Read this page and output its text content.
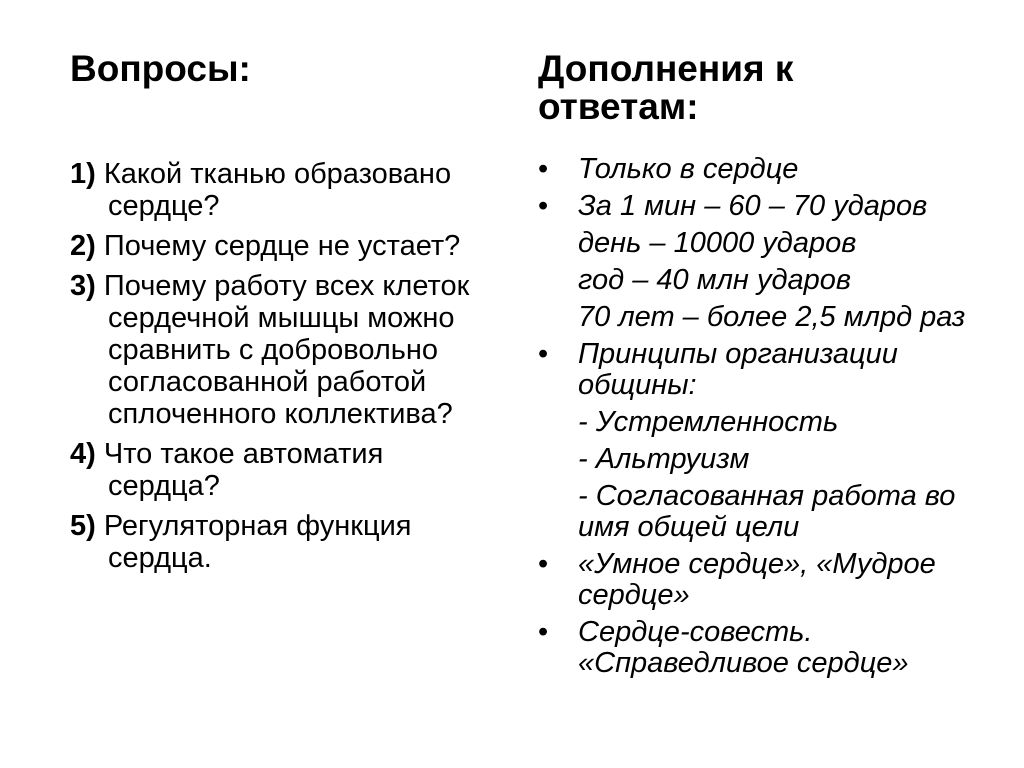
Вопросы:
1) Какой тканью образовано сердце?
2) Почему сердце не устает?
3) Почему работу всех клеток сердечной мышцы можно сравнить с добровольно согласованной работой сплоченного коллектива?
4) Что такое автоматия сердца?
5) Регуляторная функция сердца.
Дополнения к ответам:
• Только в сердце
• За 1 мин – 60 – 70 ударов
день – 10000 ударов
год – 40 млн ударов
70 лет – более 2,5 млрд раз
• Принципы организации общины:
- Устремленность
- Альтруизм
- Согласованная работа во имя общей цели
• «Умное сердце», «Мудрое сердце»
• Сердце-совесть. «Справедливое сердце»
